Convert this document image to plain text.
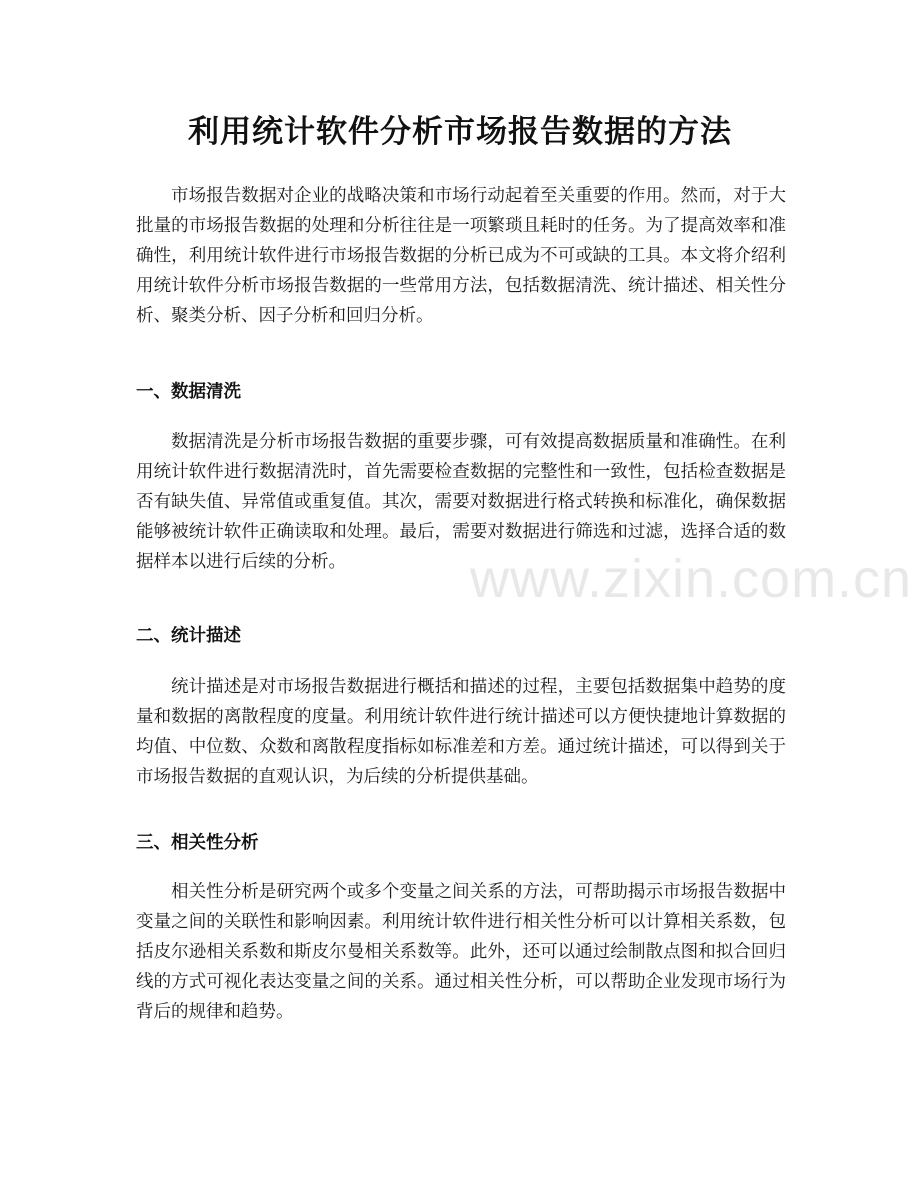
利用统计软件分析市场报告数据的方法
市场报告数据对企业的战略决策和市场行动起着至关重要的作用。然而，对于大批量的市场报告数据的处理和分析往往是一项繁琐且耗时的任务。为了提高效率和准确性，利用统计软件进行市场报告数据的分析已成为不可或缺的工具。本文将介绍利用统计软件分析市场报告数据的一些常用方法，包括数据清洗、统计描述、相关性分析、聚类分析、因子分析和回归分析。
一、数据清洗
数据清洗是分析市场报告数据的重要步骤，可有效提高数据质量和准确性。在利用统计软件进行数据清洗时，首先需要检查数据的完整性和一致性，包括检查数据是否有缺失值、异常值或重复值。其次，需要对数据进行格式转换和标准化，确保数据能够被统计软件正确读取和处理。最后，需要对数据进行筛选和过滤，选择合适的数据样本以进行后续的分析。
二、统计描述
统计描述是对市场报告数据进行概括和描述的过程，主要包括数据集中趋势的度量和数据的离散程度的度量。利用统计软件进行统计描述可以方便快捷地计算数据的均值、中位数、众数和离散程度指标如标准差和方差。通过统计描述，可以得到关于市场报告数据的直观认识，为后续的分析提供基础。
三、相关性分析
相关性分析是研究两个或多个变量之间关系的方法，可帮助揭示市场报告数据中变量之间的关联性和影响因素。利用统计软件进行相关性分析可以计算相关系数，包括皮尔逊相关系数和斯皮尔曼相关系数等。此外，还可以通过绘制散点图和拟合回归线的方式可视化表达变量之间的关系。通过相关性分析，可以帮助企业发现市场行为背后的规律和趋势。
www.zixin.com.cn
